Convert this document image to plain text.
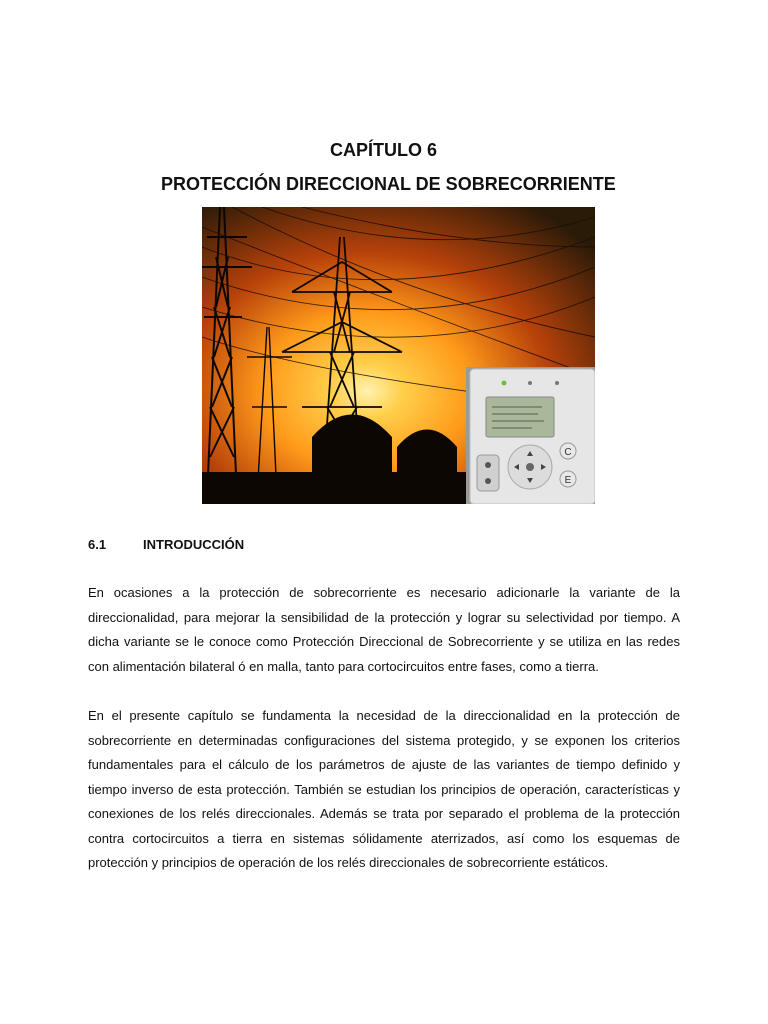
CAPÍTULO 6
PROTECCIÓN DIRECCIONAL DE SOBRECORRIENTE
C
E
6.1	INTRODUCCIÓN
En ocasiones a la protección de sobrecorriente es necesario adicionarle la variante de la direccionalidad, para mejorar la sensibilidad de la protección y lograr su selectividad por tiempo. A dicha variante se le conoce como Protección Direccional de Sobrecorriente y se utiliza en las redes con alimentación bilateral ó en malla, tanto para cortocircuitos entre fases, como a tierra.
En el presente capítulo se fundamenta la necesidad de la direccionalidad en la protección de sobrecorriente en determinadas configuraciones del sistema protegido, y se exponen los criterios fundamentales para el cálculo de los parámetros de ajuste de las variantes de tiempo definido y tiempo inverso de esta protección. También se estudian los principios de operación, características y conexiones de los relés direccionales. Además se trata por separado el problema de la protección contra cortocircuitos a tierra en sistemas sólidamente aterrizados, así como los esquemas de protección y principios de operación de los relés direccionales de sobrecorriente estáticos.
